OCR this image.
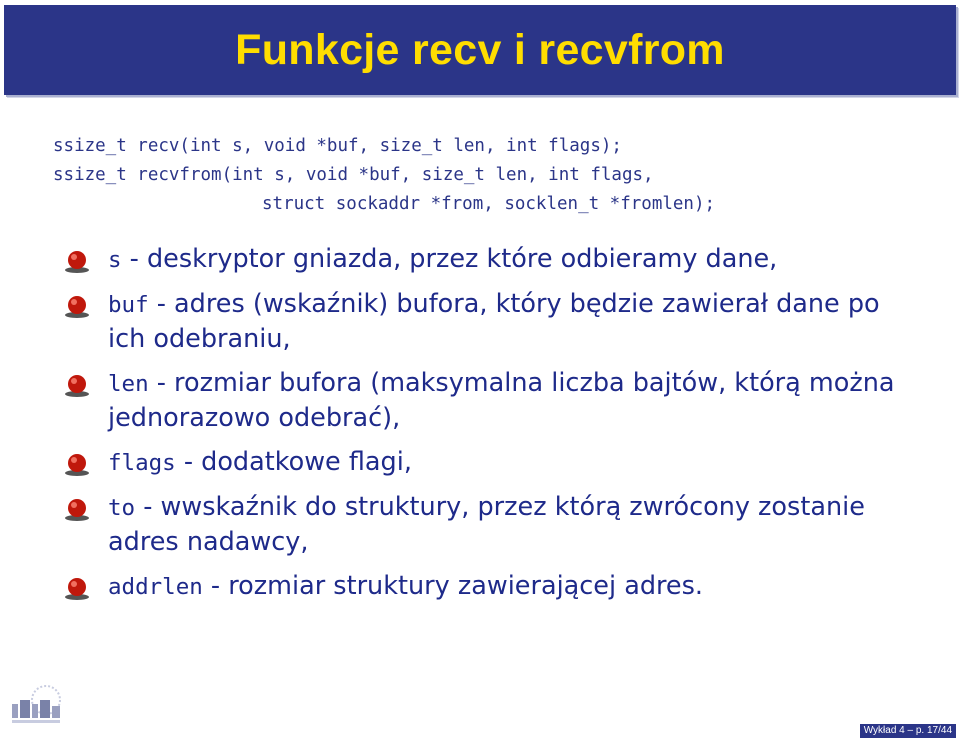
Funkcje recv i recvfrom
ssize_t recv(int s, void *buf, size_t len, int flags);
ssize_t recvfrom(int s, void *buf, size_t len, int flags,
struct sockaddr *from, socklen_t *fromlen);
s - deskryptor gniazda, przez które odbieramy dane,
buf - adres (wskaźnik) bufora, który będzie zawierał dane po ich odebraniu,
len - rozmiar bufora (maksymalna liczba bajtów, którą można jednorazowo odebrać),
flags - dodatkowe flagi,
to - wwskaźnik do struktury, przez którą zwrócony zostanie adres nadawcy,
addrlen - rozmiar struktury zawierającej adres.
Wykład 4 – p. 17/44
